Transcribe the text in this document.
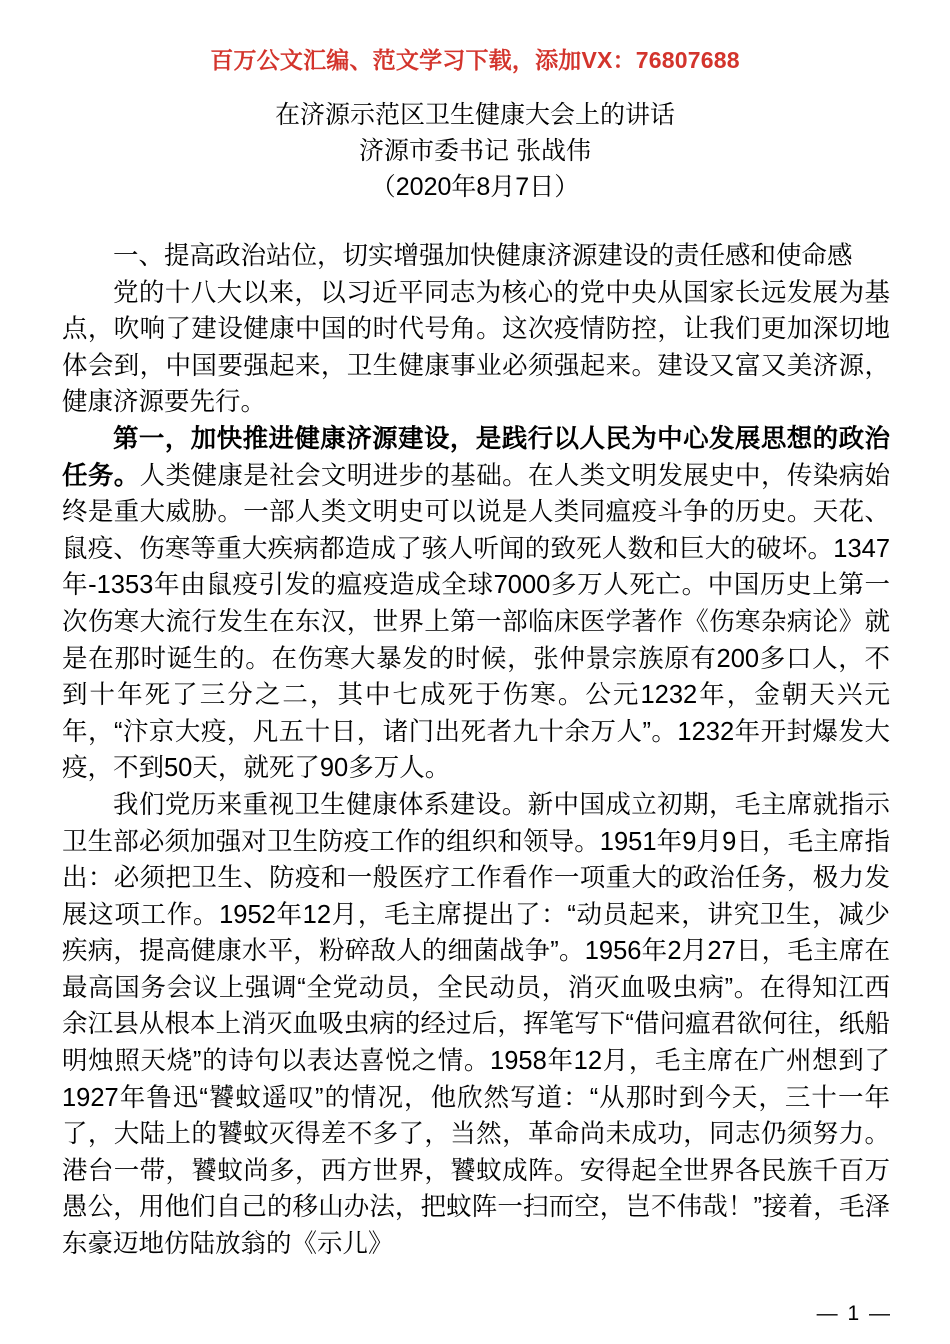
百万公文汇编、范文学习下载，添加VX：76807688
在济源示范区卫生健康大会上的讲话
济源市委书记 张战伟
（2020年8月7日）

一、提高政治站位，切实增强加快健康济源建设的责任感和使命感

党的十八大以来，以习近平同志为核心的党中央从国家长远发展为基点，吹响了建设健康中国的时代号角。这次疫情防控，让我们更加深切地体会到，中国要强起来，卫生健康事业必须强起来。建设又富又美济源，健康济源要先行。

第一，加快推进健康济源建设，是践行以人民为中心发展思想的政治任务。人类健康是社会文明进步的基础。在人类文明发展史中，传染病始终是重大威胁。一部人类文明史可以说是人类同瘟疫斗争的历史。天花、鼠疫、伤寒等重大疾病都造成了骇人听闻的致死人数和巨大的破坏。1347年-1353年由鼠疫引发的瘟疫造成全球7000多万人死亡。中国历史上第一次伤寒大流行发生在东汉，世界上第一部临床医学著作《伤寒杂病论》就是在那时诞生的。在伤寒大暴发的时候，张仲景宗族原有200多口人，不到十年死了三分之二，其中七成死于伤寒。公元1232年，金朝天兴元年，“汴京大疫，凡五十日，诸门出死者九十余万人”。1232年开封爆发大疫，不到50天，就死了90多万人。

我们党历来重视卫生健康体系建设。新中国成立初期，毛主席就指示卫生部必须加强对卫生防疫工作的组织和领导。1951年9月9日，毛主席指出：必须把卫生、防疫和一般医疗工作看作一项重大的政治任务，极力发展这项工作。1952年12月，毛主席提出了：“动员起来，讲究卫生，减少疾病，提高健康水平，粉碎敌人的细菌战争”。1956年2月27日，毛主席在最高国务会议上强调“全党动员，全民动员，消灭血吸虫病”。在得知江西余江县从根本上消灭血吸虫病的经过后，挥笔写下“借问瘟君欲何往，纸船明烛照天烧”的诗句以表达喜悦之情。1958年12月，毛主席在广州想到了1927年鲁迅“饕蚊遥叹”的情况，他欣然写道：“从那时到今天，三十一年了，大陆上的饕蚊灭得差不多了，当然，革命尚未成功，同志仍须努力。港台一带，饕蚊尚多，西方世界，饕蚊成阵。安得起全世界各民族千百万愚公，用他们自己的移山办法，把蚊阵一扫而空，岂不伟哉！”接着，毛泽东豪迈地仿陆放翁的《示儿》

— 1 —
